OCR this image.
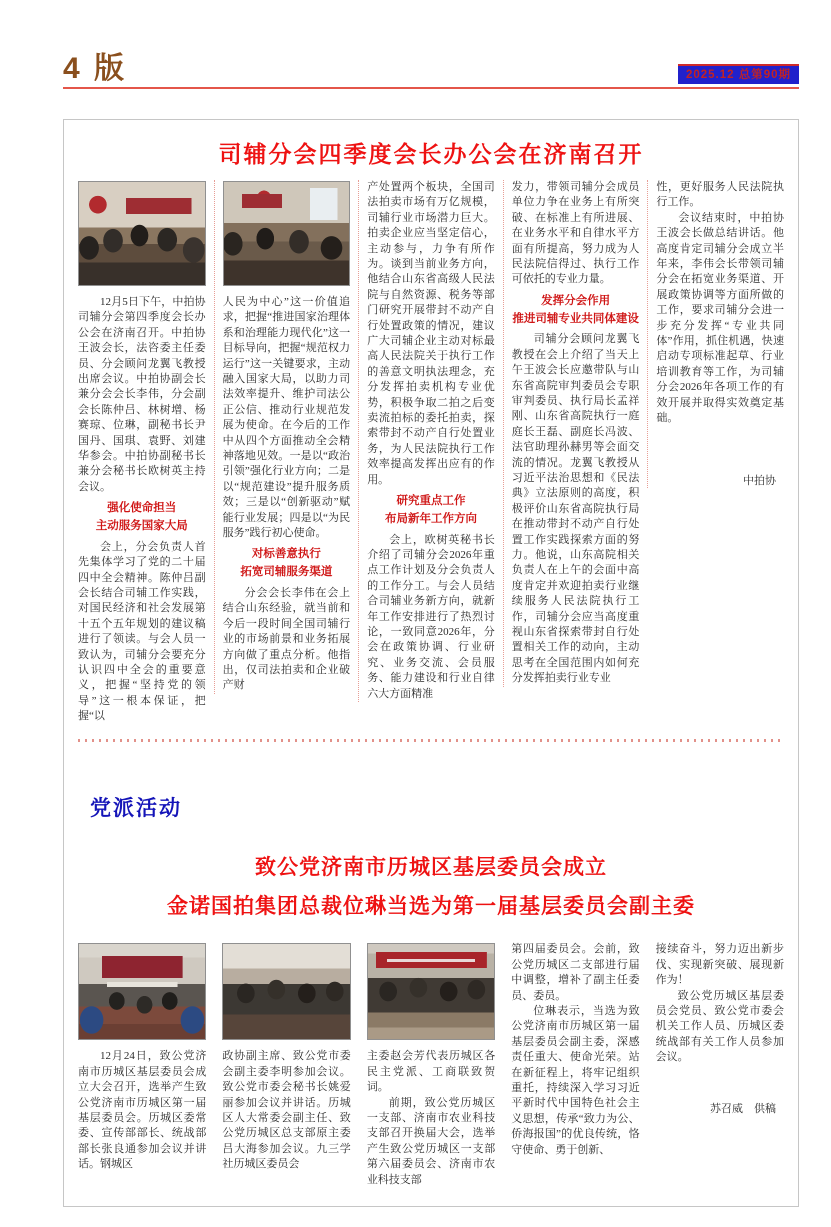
4 版	2025.12 总第90期
司辅分会四季度会长办公会在济南召开

12月5日下午，中拍协司辅分会第四季度会长办公会在济南召开。中拍协王波会长，法咨委主任委员、分会顾问龙翼飞教授出席会议。中拍协副会长兼分会会长李伟，分会副会长陈仲吕、林树增、杨赛琼、位琳，副秘书长尹国丹、国琪、袁野、刘建华参会。中拍协副秘书长兼分会秘书长欧树英主持会议。

强化使命担当
主动服务国家大局

会上，分会负责人首先集体学习了党的二十届四中全会精神。陈仲吕副会长结合司辅工作实践，对国民经济和社会发展第十五个五年规划的建议稿进行了领读。与会人员一致认为，司辅分会要充分认识四中全会的重要意义，把握“坚持党的领导”这一根本保证，把握“以

人民为中心”这一价值追求，把握“推进国家治理体系和治理能力现代化”这一目标导向，把握“规范权力运行”这一关键要求，主动融入国家大局，以助力司法效率提升、维护司法公正公信、推动行业规范发展为使命。在今后的工作中从四个方面推动全会精神落地见效。一是以“政治引领”强化行业方向；二是以“规范建设”提升服务质效；三是以“创新驱动”赋能行业发展；四是以“为民服务”践行初心使命。

对标善意执行
拓宽司辅服务渠道

分会会长李伟在会上结合山东经验，就当前和今后一段时间全国司辅行业的市场前景和业务拓展方向做了重点分析。他指出，仅司法拍卖和企业破产财

产处置两个板块，全国司法拍卖市场有万亿规模，司辅行业市场潜力巨大。拍卖企业应当坚定信心，主动参与，力争有所作为。谈到当前业务方向，他结合山东省高级人民法院与自然资源、税务等部门研究开展带封不动产自行处置政策的情况，建议广大司辅企业主动对标最高人民法院关于执行工作的善意文明执法理念，充分发挥拍卖机构专业优势，积极争取二拍之后变卖流拍标的委托拍卖，探索带封不动产自行处置业务，为人民法院执行工作效率提高发挥出应有的作用。

研究重点工作
布局新年工作方向

会上，欧树英秘书长介绍了司辅分会2026年重点工作计划及分会负责人的工作分工。与会人员结合司辅业务新方向，就新年工作安排进行了热烈讨论，一致同意2026年，分会在政策协调、行业研究、业务交流、会员服务、能力建设和行业自律六大方面精准

发力，带领司辅分会成员单位力争在业务上有所突破、在标准上有所进展、在业务水平和自律水平方面有所提高，努力成为人民法院信得过、执行工作可依托的专业力量。

发挥分会作用
推进司辅专业共同体建设

司辅分会顾问龙翼飞教授在会上介绍了当天上午王波会长应邀带队与山东省高院审判委员会专职审判委员、执行局长孟祥刚、山东省高院执行一庭庭长王磊、副庭长冯波、法官助理孙赫男等会面交流的情况。龙翼飞教授从习近平法治思想和《民法典》立法原则的高度，积极评价山东省高院执行局在推动带封不动产自行处置工作实践探索方面的努力。他说，山东高院相关负责人在上午的会面中高度肯定并欢迎拍卖行业继续服务人民法院执行工作，司辅分会应当高度重视山东省探索带封自行处置相关工作的动向，主动思考在全国范围内如何充分发挥拍卖行业专业

性，更好服务人民法院执行工作。

会议结束时，中拍协王波会长做总结讲话。他高度肯定司辅分会成立半年来，李伟会长带领司辅分会在拓宽业务渠道、开展政策协调等方面所做的工作，要求司辅分会进一步充分发挥“专业共同体”作用，抓住机遇，快速启动专项标准起草、行业培训教育等工作，为司辅分会2026年各项工作的有效开展并取得实效奠定基础。

中拍协
党派活动
致公党济南市历城区基层委员会成立
金诺国拍集团总裁位琳当选为第一届基层委员会副主委

12月24日，致公党济南市历城区基层委员会成立大会召开，选举产生致公党济南市历城区第一届基层委员会。历城区委常委、宣传部部长、统战部部长张良通参加会议并讲话。钢城区

政协副主席、致公党市委会副主委李明参加会议。致公党市委会秘书长姚爱丽参加会议并讲话。历城区人大常委会副主任、致公党历城区总支部原主委吕大海参加会议。九三学社历城区委员会

主委赵会芳代表历城区各民主党派、工商联致贺词。

前期，致公党历城区一支部、济南市农业科技支部召开换届大会，选举产生致公党历城区一支部第六届委员会、济南市农业科技支部

第四届委员会。会前，致公党历城区二支部进行届中调整，增补了副主任委员、委员。

位琳表示，当选为致公党济南市历城区第一届基层委员会副主委，深感责任重大、使命光荣。站在新征程上，将牢记组织重托，持续深入学习习近平新时代中国特色社会主义思想，传承“致力为公、侨海报国”的优良传统，恪守使命、勇于创新、

接续奋斗，努力迈出新步伐、实现新突破、展现新作为！

致公党历城区基层委员会党员、致公党市委会机关工作人员、历城区委统战部有关工作人员参加会议。

苏召威　供稿
